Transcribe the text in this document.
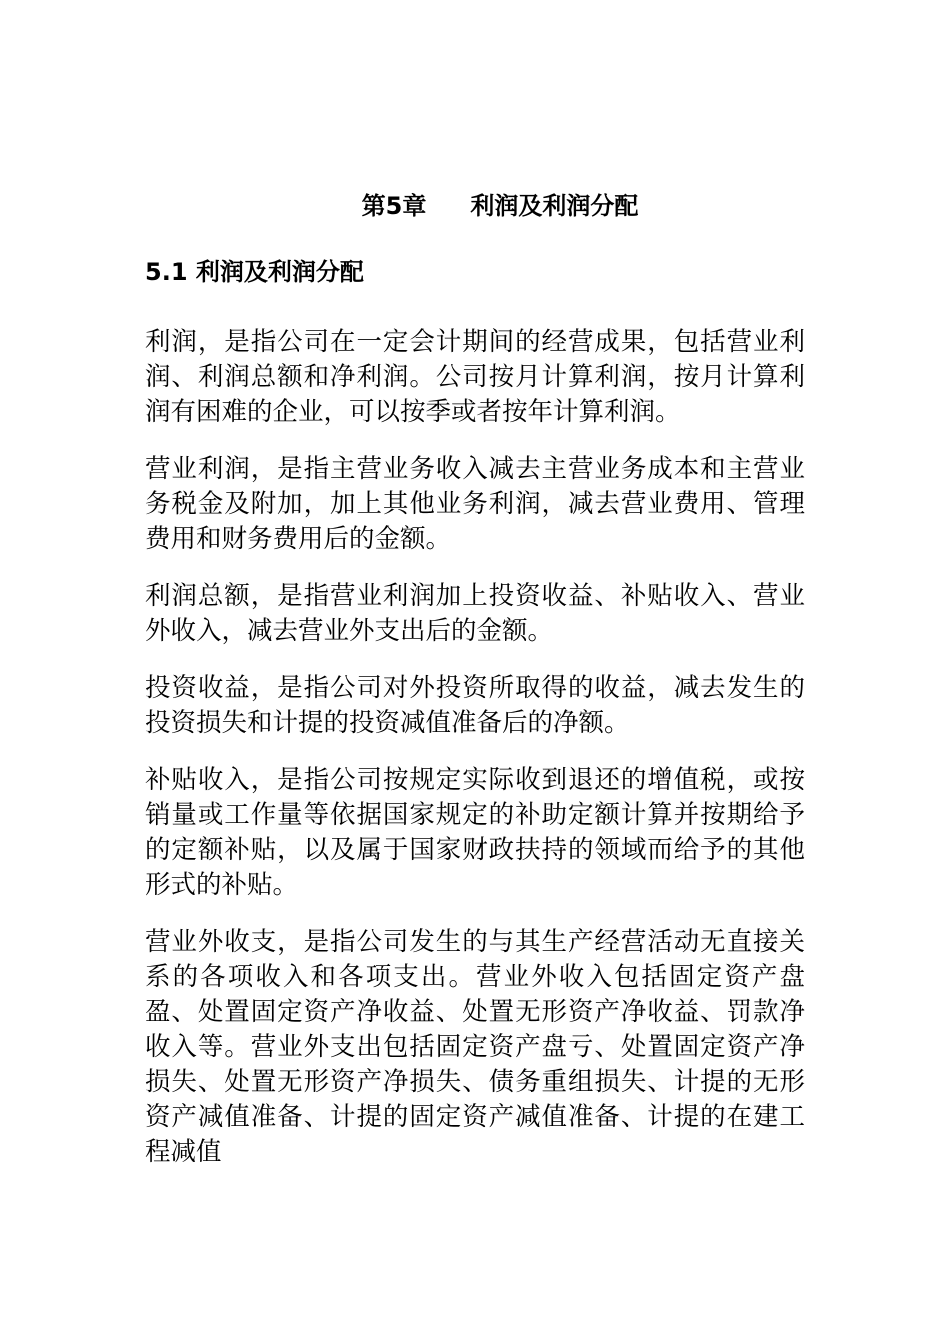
第5章 利润及利润分配
5.1 利润及利润分配

利润，是指公司在一定会计期间的经营成果，包括营业利润、利润总额和净利润。公司按月计算利润，按月计算利润有困难的企业，可以按季或者按年计算利润。

营业利润，是指主营业务收入减去主营业务成本和主营业务税金及附加，加上其他业务利润，减去营业费用、管理费用和财务费用后的金额。

利润总额，是指营业利润加上投资收益、补贴收入、营业外收入，减去营业外支出后的金额。

投资收益，是指公司对外投资所取得的收益，减去发生的投资损失和计提的投资减值准备后的净额。

补贴收入，是指公司按规定实际收到退还的增值税，或按销量或工作量等依据国家规定的补助定额计算并按期给予的定额补贴，以及属于国家财政扶持的领域而给予的其他形式的补贴。

营业外收支，是指公司发生的与其生产经营活动无直接关系的各项收入和各项支出。营业外收入包括固定资产盘盈、处置固定资产净收益、处置无形资产净收益、罚款净收入等。营业外支出包括固定资产盘亏、处置固定资产净损失、处置无形资产净损失、债务重组损失、计提的无形资产减值准备、计提的固定资产减值准备、计提的在建工程减值
